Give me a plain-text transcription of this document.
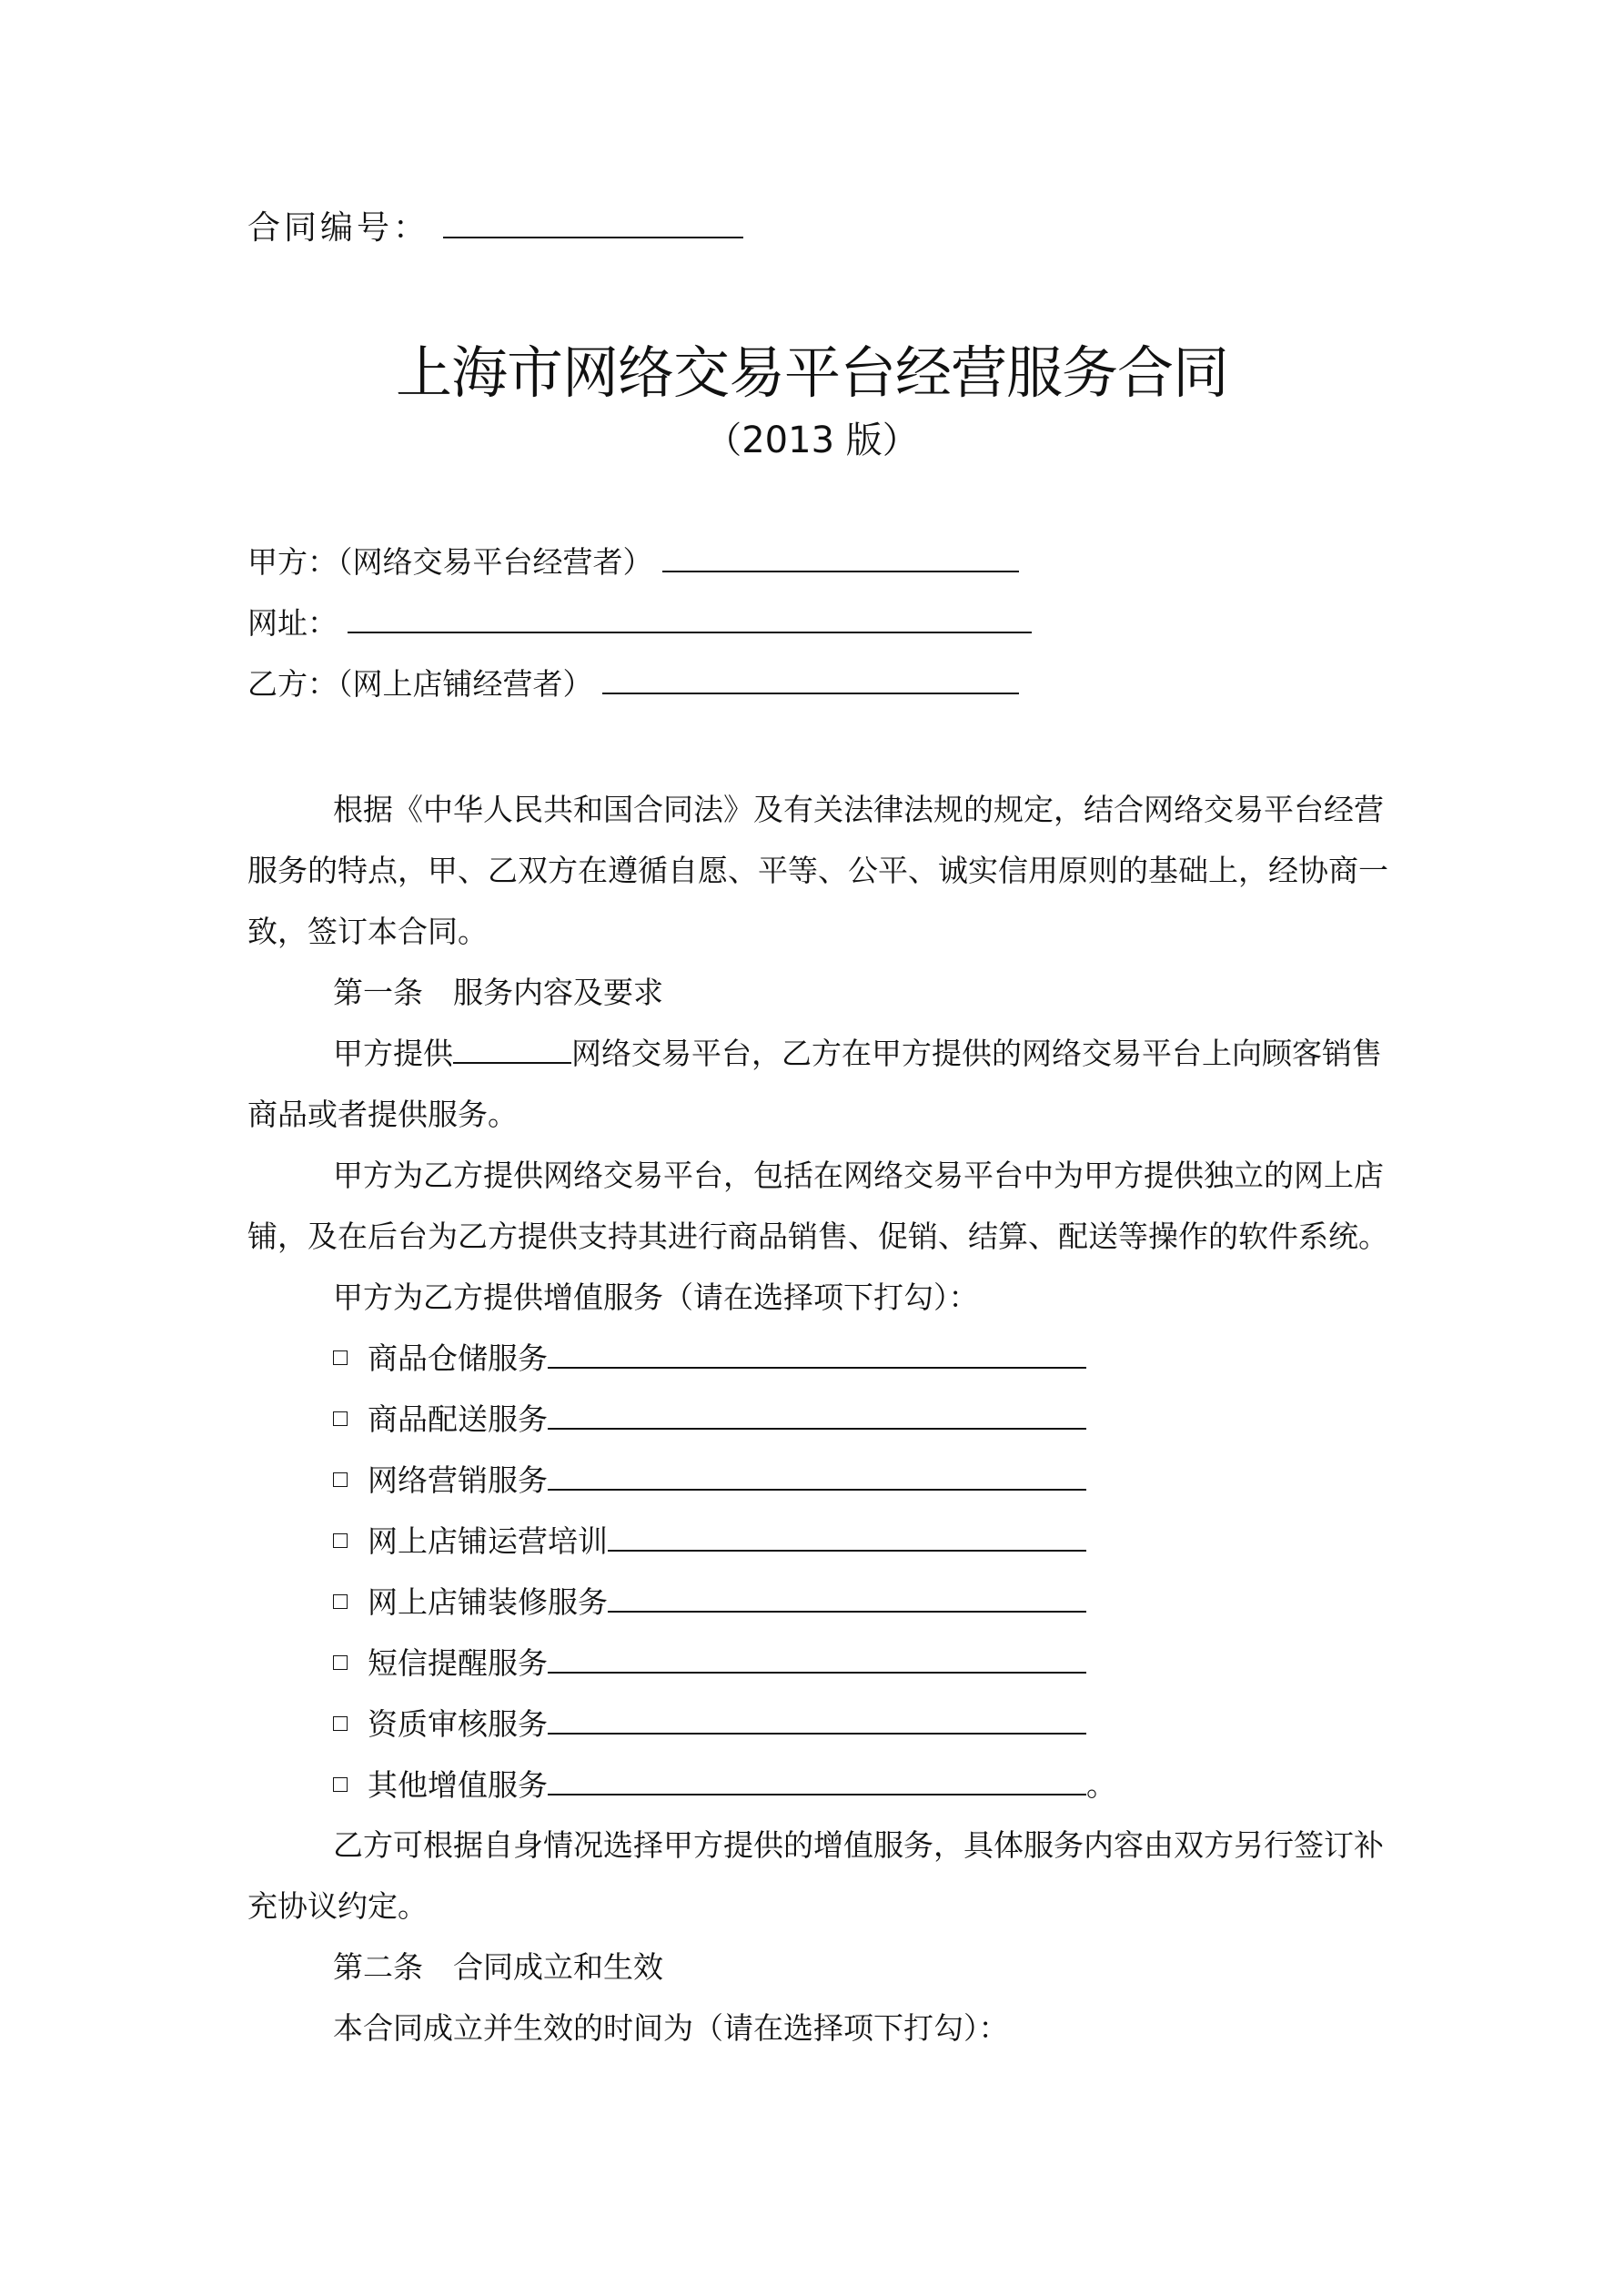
合同编号：
上海市网络交易平台经营服务合同
（2013 版）
甲方：（网络交易平台经营者）
网址：
乙方：（网上店铺经营者）
根据《中华人民共和国合同法》及有关法律法规的规定，结合网络交易平台经营服务的特点，甲、乙双方在遵循自愿、平等、公平、诚实信用原则的基础上，经协商一致，签订本合同。
第一条　服务内容及要求
甲方提供	网络交易平台，乙方在甲方提供的网络交易平台上向顾客销售商品或者提供服务。
甲方为乙方提供网络交易平台，包括在网络交易平台中为甲方提供独立的网上店铺，及在后台为乙方提供支持其进行商品销售、促销、结算、配送等操作的软件系统。
甲方为乙方提供增值服务（请在选择项下打勾）：
商品仓储服务
商品配送服务
网络营销服务
网上店铺运营培训
网上店铺装修服务
短信提醒服务
资质审核服务
其他增值服务	。
乙方可根据自身情况选择甲方提供的增值服务，具体服务内容由双方另行签订补充协议约定。
第二条　合同成立和生效
本合同成立并生效的时间为（请在选择项下打勾）：
